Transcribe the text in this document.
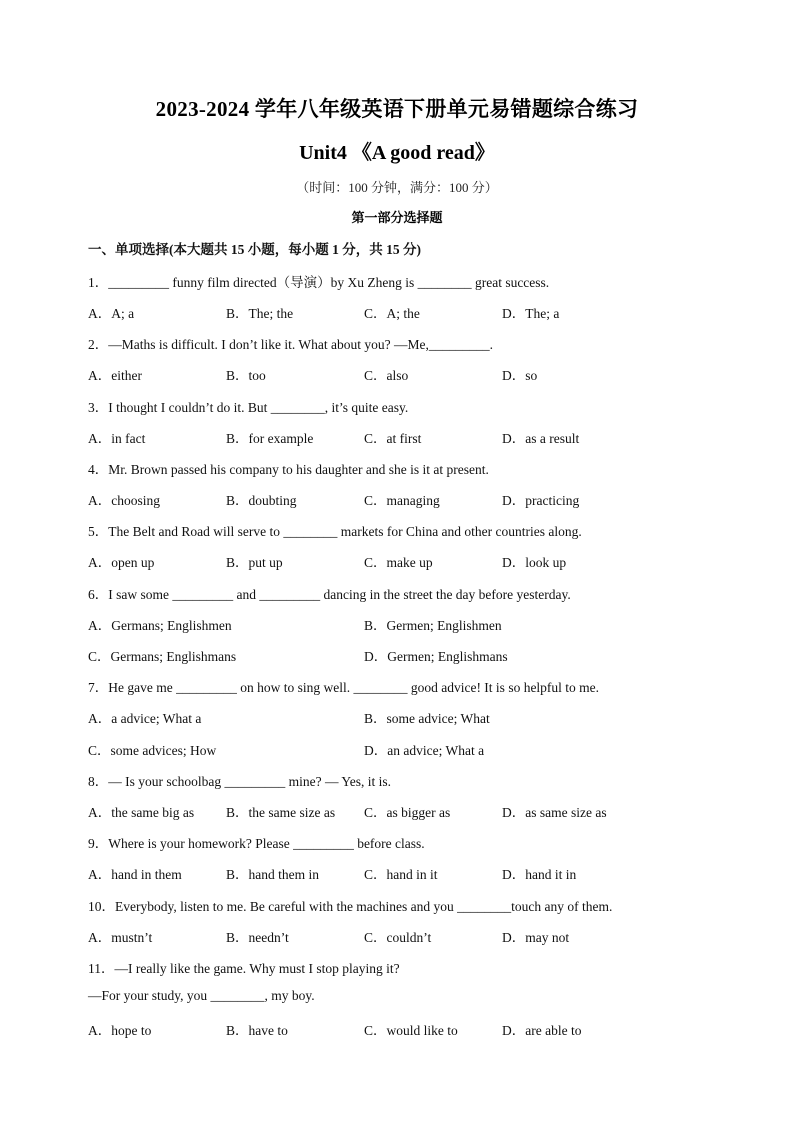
2023-2024 学年八年级英语下册单元易错题综合练习
Unit4 《A good read》
（时间：100 分钟，满分：100 分）
第一部分选择题
一、单项选择(本大题共 15 小题，每小题 1 分，共 15 分)
1．_________ funny film directed（导演）by Xu Zheng is ________ great success.
A．A; a	B．The; the	C．A; the	D．The; a
2．—Maths is difficult. I don’t like it. What about you? —Me,_________.
A．either	B．too	C．also	D．so
3．I thought I couldn’t do it. But ________, it’s quite easy.
A．in fact	B．for example	C．at first	D．as a result
4．Mr. Brown passed his company to his daughter and she is it at present.
A．choosing	B．doubting	C．managing	D．practicing
5．The Belt and Road will serve to ________ markets for China and other countries along.
A．open up	B．put up	C．make up	D．look up
6．I saw some _________ and _________ dancing in the street the day before yesterday.
A．Germans; Englishmen	B．Germen; Englishmen
C．Germans; Englishmans	D．Germen; Englishmans
7．He gave me _________ on how to sing well. ________ good advice! It is so helpful to me.
A．a advice; What a	B．some advice; What
C．some advices; How	D．an advice; What a
8．— Is your schoolbag _________ mine? — Yes, it is.
A．the same big as B．the same size as C．as bigger as	D．as same size as
9．Where is your homework? Please _________ before class.
A．hand in them	B．hand them in	C．hand in it	D．hand it in
10．Everybody, listen to me. Be careful with the machines and you ________touch any of them.
A．mustn’t	B．needn’t	C．couldn’t	D．may not
11．—I really like the game. Why must I stop playing it?
—For your study, you ________, my boy.
A．hope to	B．have to	C．would like to	D．are able to
